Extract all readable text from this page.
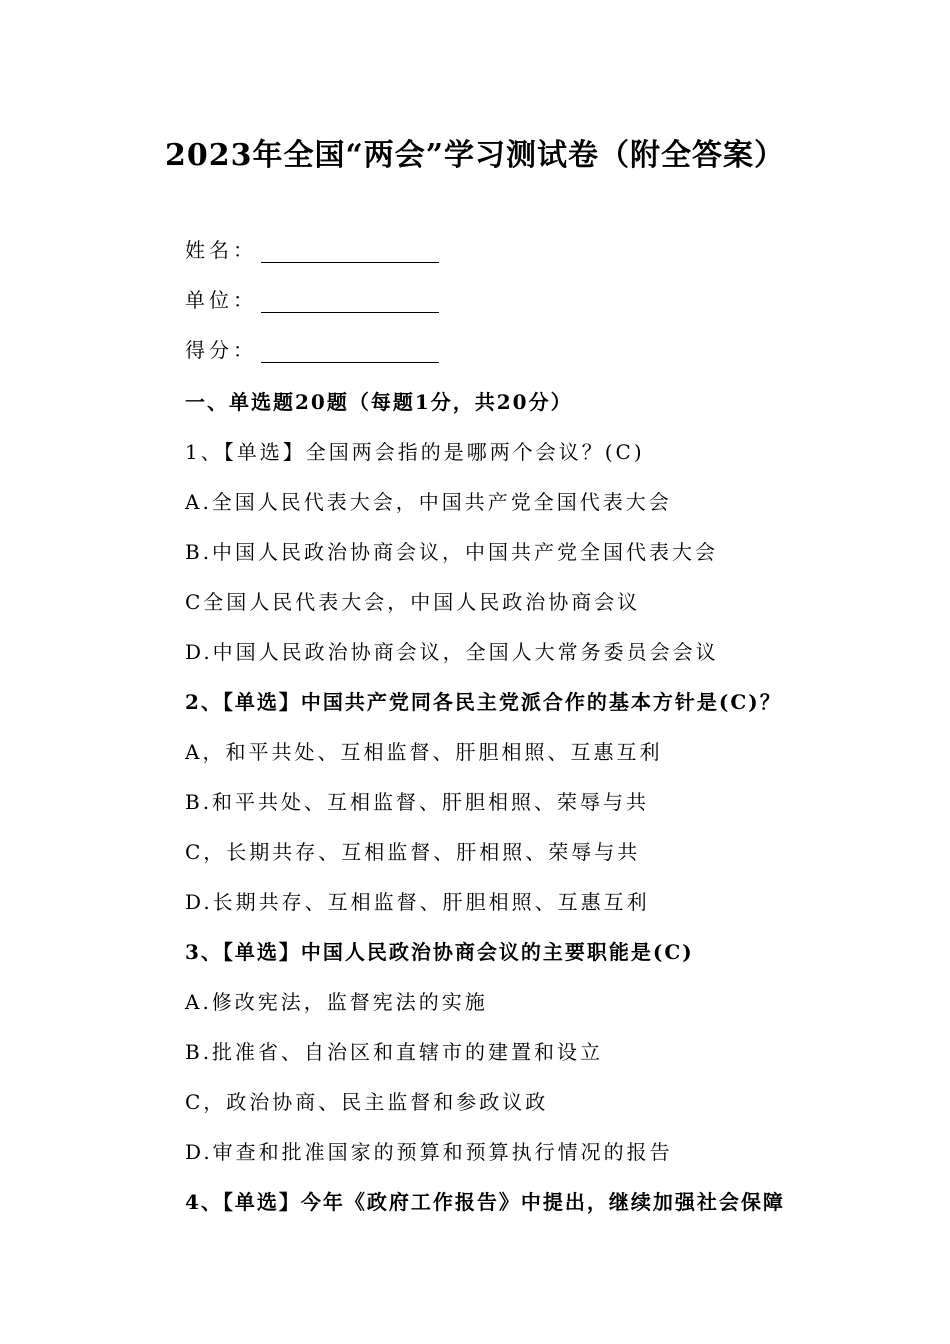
2023年全国“两会”学习测试卷（附全答案）
姓名：
单位：
得分：
一、单选题20题（每题1分，共20分）
1、【单选】全国两会指的是哪两个会议？(C)
A.全国人民代表大会，中国共产党全国代表大会
B.中国人民政治协商会议，中国共产党全国代表大会
C全国人民代表大会，中国人民政治协商会议
D.中国人民政治协商会议，全国人大常务委员会会议
2、【单选】中国共产党同各民主党派合作的基本方针是(C)？
A，和平共处、互相监督、肝胆相照、互惠互利
B.和平共处、互相监督、肝胆相照、荣辱与共
C，长期共存、互相监督、肝相照、荣辱与共
D.长期共存、互相监督、肝胆相照、互惠互利
3、【单选】中国人民政治协商会议的主要职能是(C)
A.修改宪法，监督宪法的实施
B.批准省、自治区和直辖市的建置和设立
C，政治协商、民主监督和参政议政
D.审查和批准国家的预算和预算执行情况的报告
4、【单选】今年《政府工作报告》中提出，继续加强社会保障
